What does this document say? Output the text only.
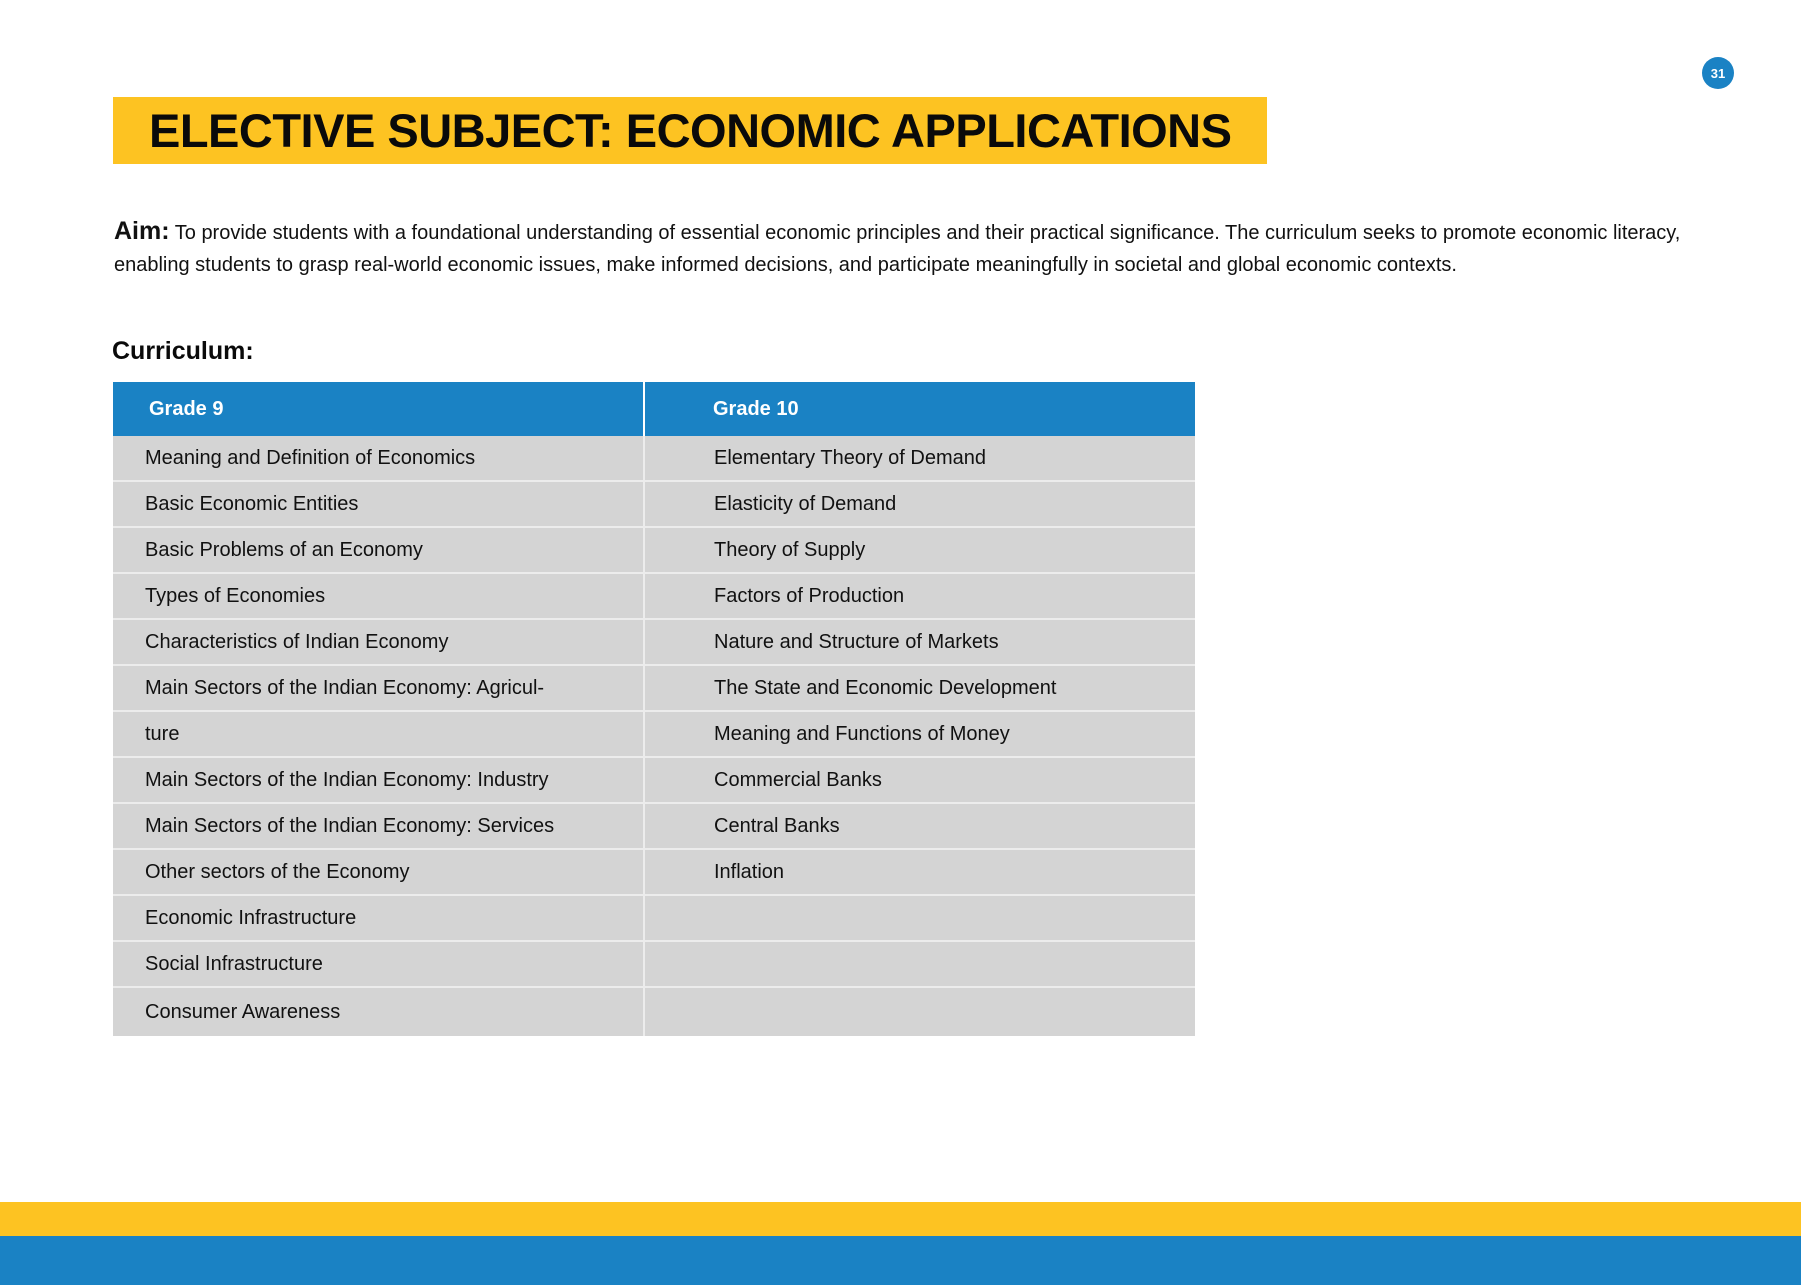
31
ELECTIVE SUBJECT: ECONOMIC APPLICATIONS

Aim: To provide students with a foundational understanding of essential economic principles and their practical significance. The curriculum seeks to promote economic literacy, enabling students to grasp real-world economic issues, make informed decisions, and participate meaningfully in societal and global economic contexts.

Curriculum:
Grade 9	Grade 10
Meaning and Definition of Economics	Elementary Theory of Demand
Basic Economic Entities	Elasticity of Demand
Basic Problems of an Economy	Theory of Supply
Types of Economies	Factors of Production
Characteristics of Indian Economy	Nature and Structure of Markets
Main Sectors of the Indian Economy: Agricul-	The State and Economic Development
ture	Meaning and Functions of Money
Main Sectors of the Indian Economy: Industry	Commercial Banks
Main Sectors of the Indian Economy: Services	Central Banks
Other sectors of the Economy	Inflation
Economic Infrastructure	
Social Infrastructure	
Consumer Awareness	
